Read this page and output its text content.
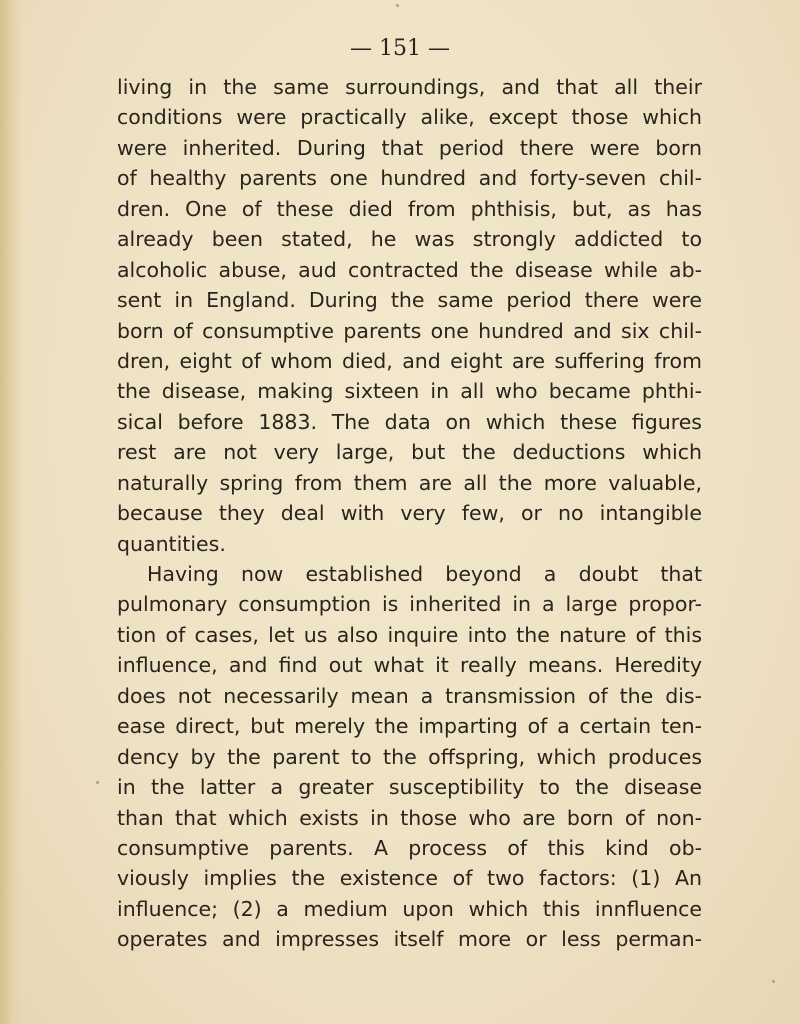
— 151 —
living in the same surroundings, and that all their
conditions were practically alike, except those which
were inherited. During that period there were born
of healthy parents one hundred and forty-seven chil-
dren. One of these died from phthisis, but, as has
already been stated, he was strongly addicted to
alcoholic abuse, aud contracted the disease while ab-
sent in England. During the same period there were
born of consumptive parents one hundred and six chil-
dren, eight of whom died, and eight are suffering from
the disease, making sixteen in all who became phthi-
sical before 1883. The data on which these figures
rest are not very large, but the deductions which
naturally spring from them are all the more valuable,
because they deal with very few, or no intangible
quantities.
Having now established beyond a doubt that
pulmonary consumption is inherited in a large propor-
tion of cases, let us also inquire into the nature of this
influence, and find out what it really means. Heredity
does not necessarily mean a transmission of the dis-
ease direct, but merely the imparting of a certain ten-
dency by the parent to the offspring, which produces
in the latter a greater susceptibility to the disease
than that which exists in those who are born of non-
consumptive parents. A process of this kind ob-
viously implies the existence of two factors: (1) An
influence; (2) a medium upon which this innfluence
operates and impresses itself more or less perman-
